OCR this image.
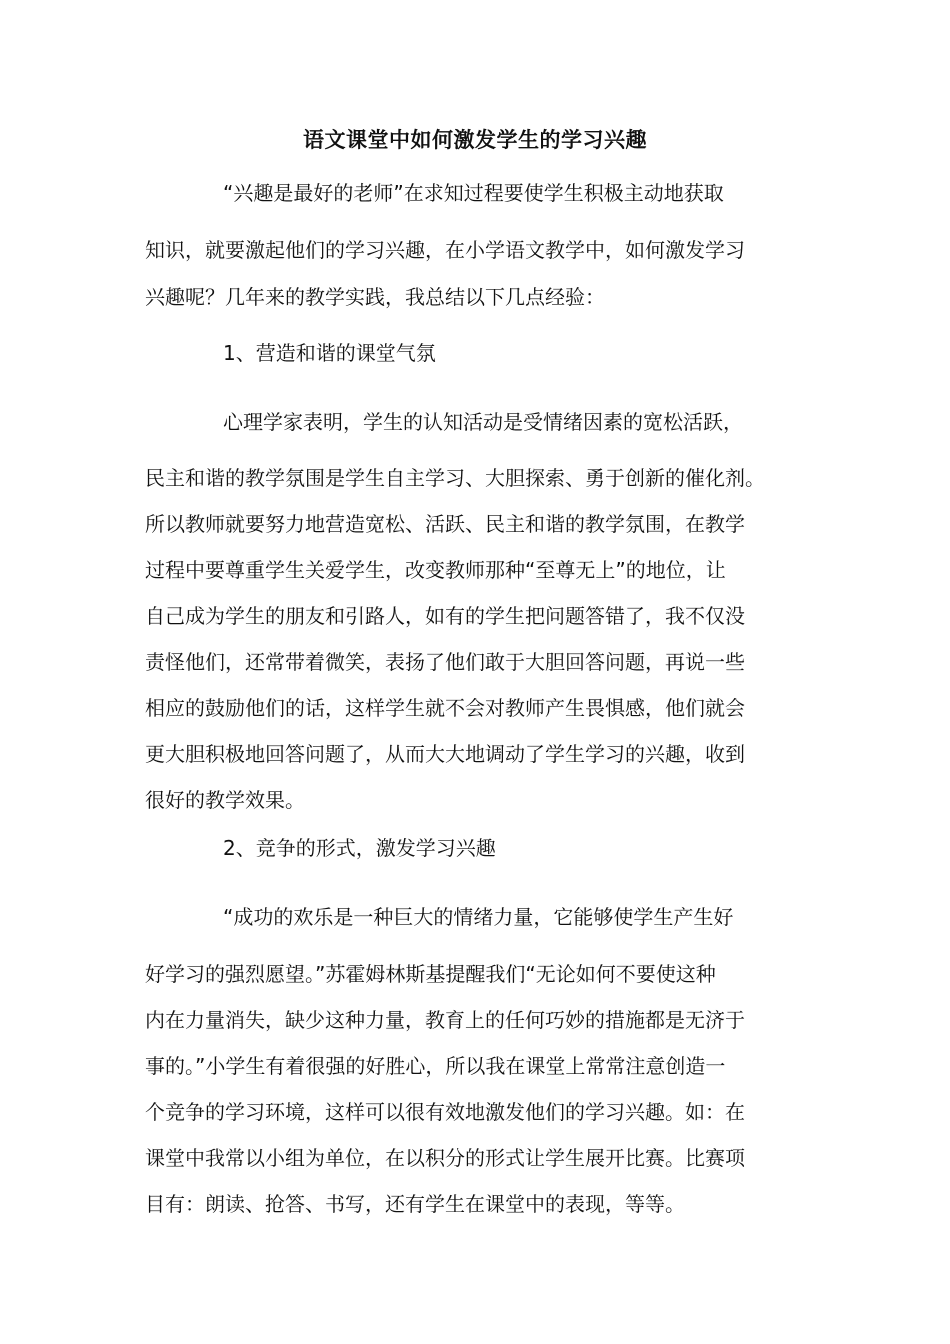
语文课堂中如何激发学生的学习兴趣

“兴趣是最好的老师”在求知过程要使学生积极主动地获取

知识，就要激起他们的学习兴趣，在小学语文教学中，如何激发学习

兴趣呢？几年来的教学实践，我总结以下几点经验：

1、营造和谐的课堂气氛

心理学家表明，学生的认知活动是受情绪因素的宽松活跃，

民主和谐的教学氛围是学生自主学习、大胆探索、勇于创新的催化剂。

所以教师就要努力地营造宽松、活跃、民主和谐的教学氛围，在教学

过程中要尊重学生关爱学生，改变教师那种“至尊无上”的地位，让

自己成为学生的朋友和引路人，如有的学生把问题答错了，我不仅没

责怪他们，还常带着微笑，表扬了他们敢于大胆回答问题，再说一些

相应的鼓励他们的话，这样学生就不会对教师产生畏惧感，他们就会

更大胆积极地回答问题了，从而大大地调动了学生学习的兴趣，收到

很好的教学效果。

2、竞争的形式，激发学习兴趣

“成功的欢乐是一种巨大的情绪力量，它能够使学生产生好

好学习的强烈愿望。”苏霍姆林斯基提醒我们“无论如何不要使这种

内在力量消失，缺少这种力量，教育上的任何巧妙的措施都是无济于

事的。”小学生有着很强的好胜心，所以我在课堂上常常注意创造一

个竞争的学习环境，这样可以很有效地激发他们的学习兴趣。如：在

课堂中我常以小组为单位，在以积分的形式让学生展开比赛。比赛项

目有：朗读、抢答、书写，还有学生在课堂中的表现，等等。
